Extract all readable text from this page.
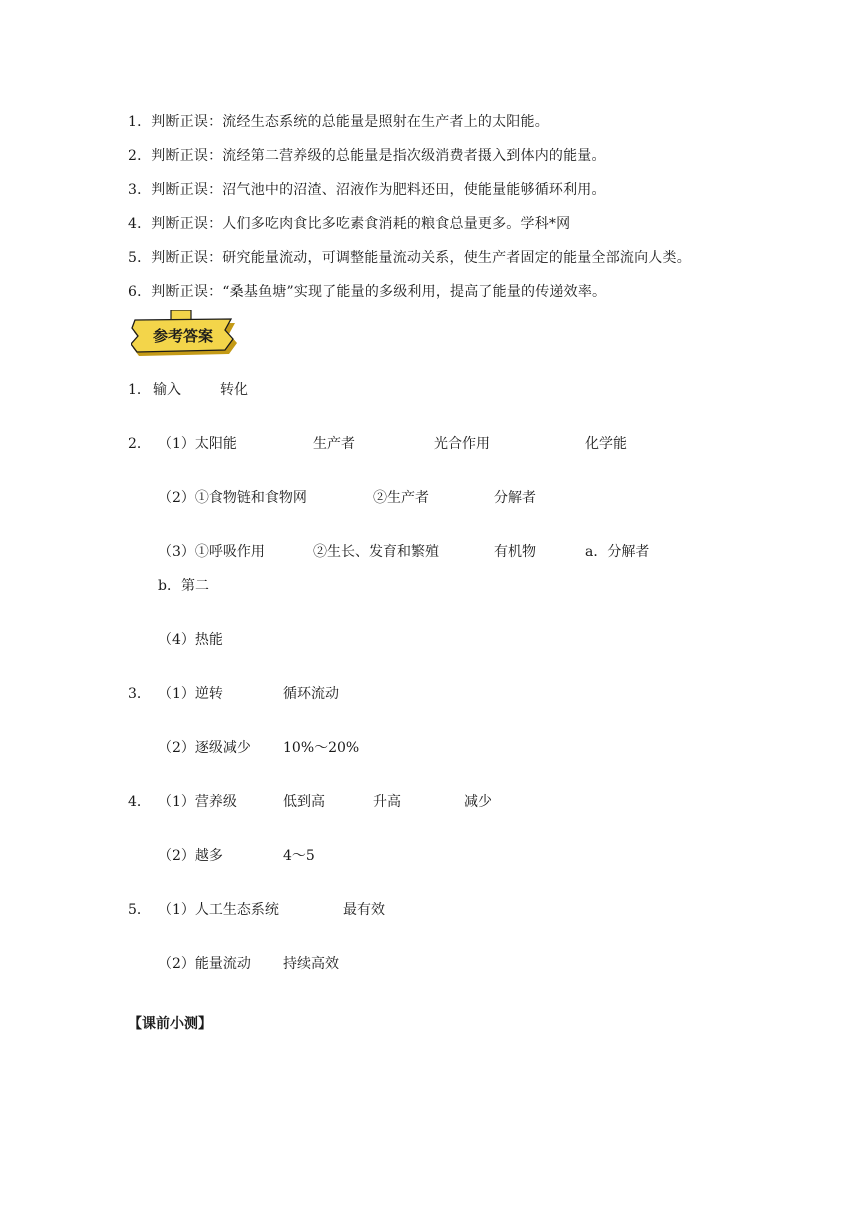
1．判断正误：流经生态系统的总能量是照射在生产者上的太阳能。
2．判断正误：流经第二营养级的总能量是指次级消费者摄入到体内的能量。
3．判断正误：沼气池中的沼渣、沼液作为肥料还田，使能量能够循环利用。
4．判断正误：人们多吃肉食比多吃素食消耗的粮食总量更多。学科*网
5．判断正误：研究能量流动，可调整能量流动关系，使生产者固定的能量全部流向人类。
6．判断正误：“桑基鱼塘”实现了能量的多级利用，提高了能量的传递效率。
参考答案
1． 输入	转化
2． （1）太阳能	生产者	光合作用	化学能
（2）①食物链和食物网	②生产者	分解者
（3）①呼吸作用	②生长、发育和繁殖	有机物	a．分解者
b．第二
（4）热能
3． （1）逆转	循环流动
（2）逐级减少 10%～20%
4． （1）营养级	低到高	升高	减少
（2）越多	4～5
5． （1）人工生态系统	最有效
（2）能量流动 持续高效
【课前小测】
